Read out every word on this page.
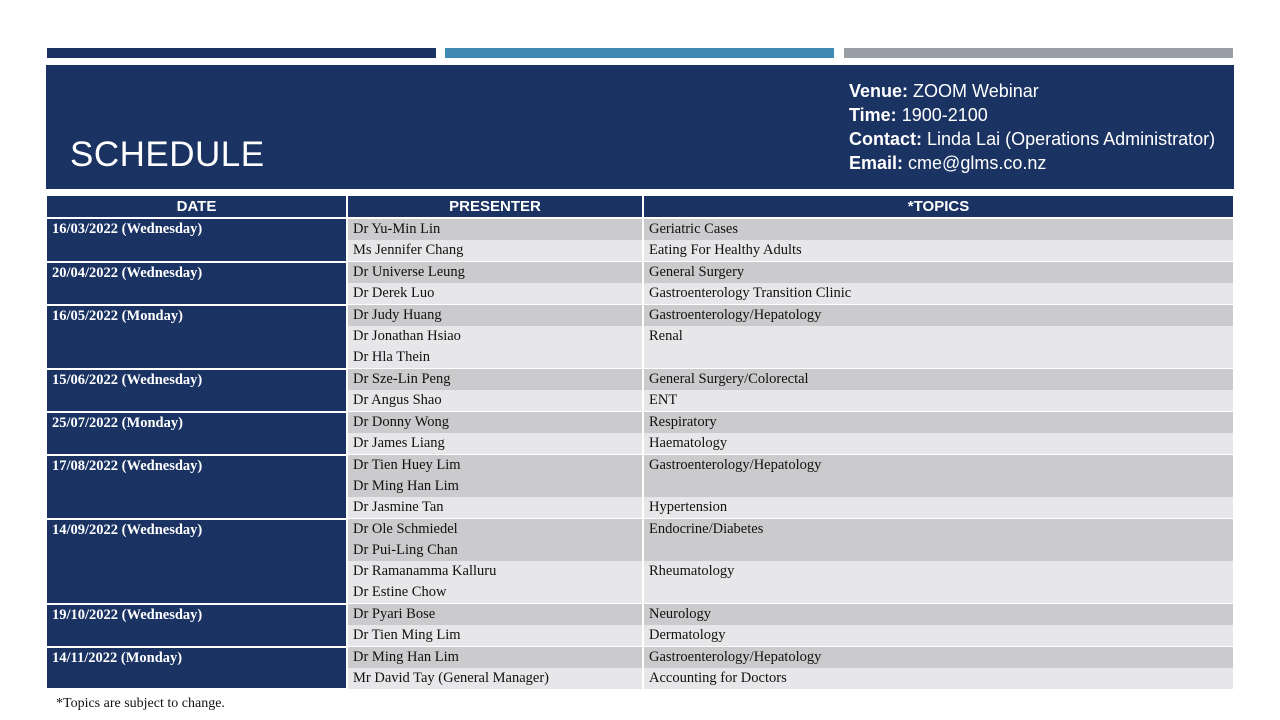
SCHEDULE
Venue: ZOOM Webinar
Time: 1900-2100
Contact: Linda Lai (Operations Administrator)
Email: cme@glms.co.nz
DATE	PRESENTER	*TOPICS
16/03/2022 (Wednesday)	Dr Yu-Min Lin	Geriatric Cases

	Ms Jennifer Chang	Eating For Healthy Adults

20/04/2022 (Wednesday)	Dr Universe Leung	General Surgery

	Dr Derek Luo	Gastroenterology Transition Clinic

16/05/2022 (Monday)	Dr Judy Huang	Gastroenterology/Hepatology

	Dr Jonathan Hsiao
Dr Hla Thein	Renal

15/06/2022 (Wednesday)	Dr Sze-Lin Peng	General Surgery/Colorectal

	Dr Angus Shao	ENT

25/07/2022 (Monday)	Dr Donny Wong	Respiratory

	Dr James Liang	Haematology

17/08/2022 (Wednesday)	Dr Tien Huey Lim
Dr Ming Han Lim	Gastroenterology/Hepatology

	Dr Jasmine Tan	Hypertension

14/09/2022 (Wednesday)	Dr Ole Schmiedel
Dr Pui-Ling Chan	Endocrine/Diabetes

	Dr Ramanamma Kalluru
Dr Estine Chow	Rheumatology

19/10/2022 (Wednesday)	Dr Pyari Bose	Neurology

	Dr Tien Ming Lim	Dermatology

14/11/2022 (Monday)	Dr Ming Han Lim	Gastroenterology/Hepatology

	Mr David Tay (General Manager)	Accounting for Doctors
*Topics are subject to change.
